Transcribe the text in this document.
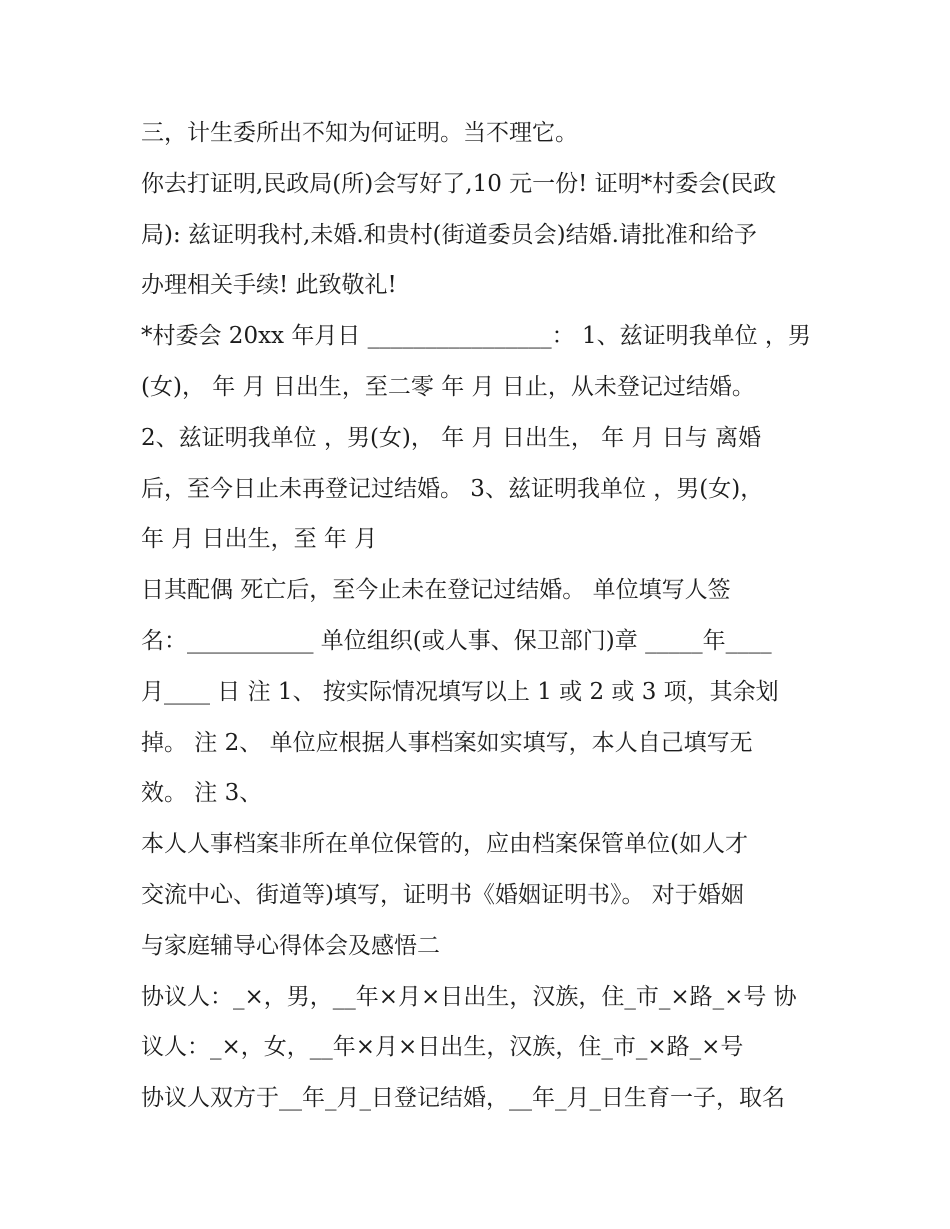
三，计生委所出不知为何证明。当不理它。
你去打证明,民政局(所)会写好了,10 元一份! 证明*村委会(民政
局): 兹证明我村,未婚.和贵村(街道委员会)结婚.请批准和给予
办理相关手续! 此致敬礼!
*村委会 20xx 年月日 ________________： 1、兹证明我单位 ，男
(女)， 年 月 日出生，至二零 年 月 日止，从未登记过结婚。
2、兹证明我单位 ，男(女)， 年 月 日出生， 年 月 日与 离婚
后，至今日止未再登记过结婚。 3、兹证明我单位 ，男(女)，
年 月 日出生，至 年 月
日其配偶 死亡后，至今止未在登记过结婚。 单位填写人签
名：___________ 单位组织(或人事、保卫部门)章 _____年____
月____ 日 注 1、 按实际情况填写以上 1 或 2 或 3 项，其余划
掉。 注 2、 单位应根据人事档案如实填写，本人自己填写无
效。 注 3、
本人人事档案非所在单位保管的，应由档案保管单位(如人才
交流中心、街道等)填写，证明书《婚姻证明书》。 对于婚姻
与家庭辅导心得体会及感悟二
协议人：_×，男，__年×月×日出生，汉族，住_市_×路_×号 协
议人：_×，女，__年×月×日出生，汉族，住_市_×路_×号
协议人双方于__年_月_日登记结婚，__年_月_日生育一子，取名
